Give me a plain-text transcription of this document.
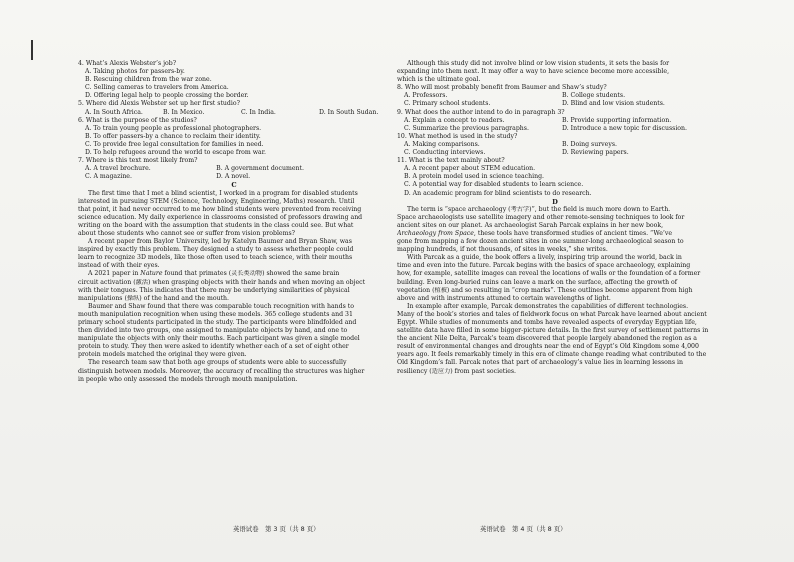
4. What’s Alexis Webster’s job?
A. Taking photos for passers-by.
B. Rescuing children from the war zone.
C. Selling cameras to travelers from America.
D. Offering legal help to people crossing the border.
5. Where did Alexis Webster set up her first studio?
A. In South Africa.	B. In Mexico.	C. In India.	D. In South Sudan.
6. What is the purpose of the studios?
A. To train young people as professional photographers.
B. To offer passers-by a chance to reclaim their identity.
C. To provide free legal consultation for families in need.
D. To help refugees around the world to escape from war.
7. Where is this text most likely from?
A. A travel brochure.	B. A government document.
C. A magazine.	D. A novel.
C
The first time that I met a blind scientist, I worked in a program for disabled students
interested in pursuing STEM (Science, Technology, Engineering, Maths) research. Until
that point, it had never occurred to me how blind students were prevented from receiving
science education. My daily experience in classrooms consisted of professors drawing and
writing on the board with the assumption that students in the class could see. But what
about those students who cannot see or suffer from vision problems?
A recent paper from Baylor University, led by Katelyn Baumer and Bryan Shaw, was
inspired by exactly this problem. They designed a study to assess whether people could
learn to recognize 3D models, like those often used to teach science, with their mouths
instead of with their eyes.
A 2021 paper in Nature found that primates (灵长类动物) showed the same brain
circuit activation (激活) when grasping objects with their hands and when moving an object
with their tongues. This indicates that there may be underlying similarities of physical
manipulations (操纵) of the hand and the mouth.
Baumer and Shaw found that there was comparable touch recognition with hands to
mouth manipulation recognition when using these models. 365 college students and 31
primary school students participated in the study. The participants were blindfolded and
then divided into two groups, one assigned to manipulate objects by hand, and one to
manipulate the objects with only their mouths. Each participant was given a single model
protein to study. They then were asked to identify whether each of a set of eight other
protein models matched the original they were given.
The research team saw that both age groups of students were able to successfully
distinguish between models. Moreover, the accuracy of recalling the structures was higher
in people who only assessed the models through mouth manipulation.
Although this study did not involve blind or low vision students, it sets the basis for
expanding into them next. It may offer a way to have science become more accessible,
which is the ultimate goal.
8. Who will most probably benefit from Baumer and Shaw’s study?
A. Professors.	B. College students.
C. Primary school students.	D. Blind and low vision students.
9. What does the author intend to do in paragraph 3?
A. Explain a concept to readers.	B. Provide supporting information.
C. Summarize the previous paragraphs.	D. Introduce a new topic for discussion.
10. What method is used in the study?
A. Making comparisons.	B. Doing surveys.
C. Conducting interviews.	D. Reviewing papers.
11. What is the text mainly about?
A. A recent paper about STEM education.
B. A protein model used in science teaching.
C. A potential way for disabled students to learn science.
D. An academic program for blind scientists to do research.
D
The term is “space archaeology (考古学)”, but the field is much more down to Earth.
Space archaeologists use satellite imagery and other remote-sensing techniques to look for
ancient sites on our planet. As archaeologist Sarah Parcak explains in her new book,
Archaeology from Space, these tools have transformed studies of ancient times. “We’ve
gone from mapping a few dozen ancient sites in one summer-long archaeological season to
mapping hundreds, if not thousands, of sites in weeks,” she writes.
With Parcak as a guide, the book offers a lively, inspiring trip around the world, back in
time and even into the future. Parcak begins with the basics of space archaeology, explaining
how, for example, satellite images can reveal the locations of walls or the foundation of a former
building. Even long-buried ruins can leave a mark on the surface, affecting the growth of
vegetation (植被) and so resulting in “crop marks”. These outlines become apparent from high
above and with instruments attuned to certain wavelengths of light.
In example after example, Parcak demonstrates the capabilities of different technologies.
Many of the book’s stories and tales of fieldwork focus on what Parcak have learned about ancient
Egypt. While studies of monuments and tombs have revealed aspects of everyday Egyptian life,
satellite data have filled in some bigger-picture details. In the first survey of settlement patterns in
the ancient Nile Delta, Parcak’s team discovered that people largely abandoned the region as a
result of environmental changes and droughts near the end of Egypt’s Old Kingdom some 4,000
years ago. It feels remarkably timely in this era of climate change reading what contributed to the
Old Kingdom’s fall. Parcak notes that part of archaeology’s value lies in learning lessons in
resiliency (适应力) from past societies.
英语试卷　第 3 页（共 8 页）	英语试卷　第 4 页（共 8 页）
